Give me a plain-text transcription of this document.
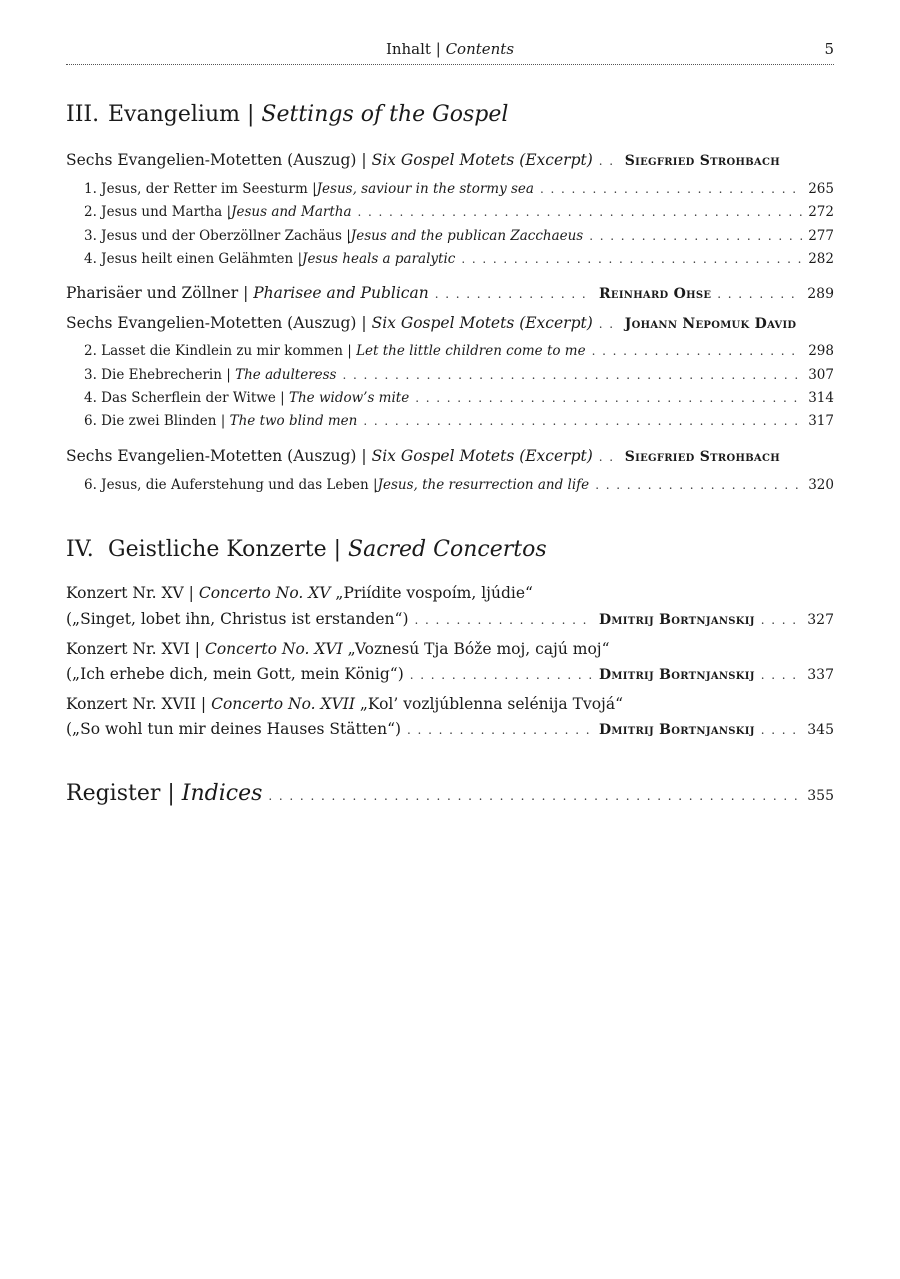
Inhalt | Contents	5
III. Evangelium | Settings of the Gospel
Sechs Evangelien-Motetten (Auszug) | Six Gospel Motets (Excerpt) . . . Siegfried Strohbach
1. Jesus, der Retter im Seesturm |Jesus, saviour in the stormy sea . . .	265
2. Jesus und Martha |Jesus and Martha . . .	272
3. Jesus und der Oberzöllner Zachäus |Jesus and the publican Zacchaeus . . .	277
4. Jesus heilt einen Gelähmten |Jesus heals a paralytic . . .	282
Pharisäer und Zöllner | Pharisee and Publican . . .	Reinhard Ohse . . .	289
Sechs Evangelien-Motetten (Auszug) | Six Gospel Motets (Excerpt) . . . Johann Nepomuk David
2. Lasset die Kindlein zu mir kommen | Let the little children come to me . . .	298
3. Die Ehebrecherin | The adulteress . . .	307
4. Das Scherflein der Witwe | The widow’s mite . . .	314
6. Die zwei Blinden | The two blind men . . .	317
Sechs Evangelien-Motetten (Auszug) | Six Gospel Motets (Excerpt) . . . Siegfried Strohbach
6. Jesus, die Auferstehung und das Leben |Jesus, the resurrection and life . . .	320
IV. Geistliche Konzerte | Sacred Concertos
Konzert Nr. XV | Concerto No. XV „Priídite vospoím, ljúdie“
(„Singet, lobet ihn, Christus ist erstanden“) . . .	Dmitrij Bortnjanskij . . .	327
Konzert Nr. XVI | Concerto No. XVI „Voznesú Tja Bóže moj, cajú moj“
(„Ich erhebe dich, mein Gott, mein König“) . . .	Dmitrij Bortnjanskij . . .	337
Konzert Nr. XVII | Concerto No. XVII „Kol’ vozljúblenna selénija Tvojá“
(„So wohl tun mir deines Hauses Stätten“) . . .	Dmitrij Bortnjanskij . . .	345
Register | Indices . . .	355
